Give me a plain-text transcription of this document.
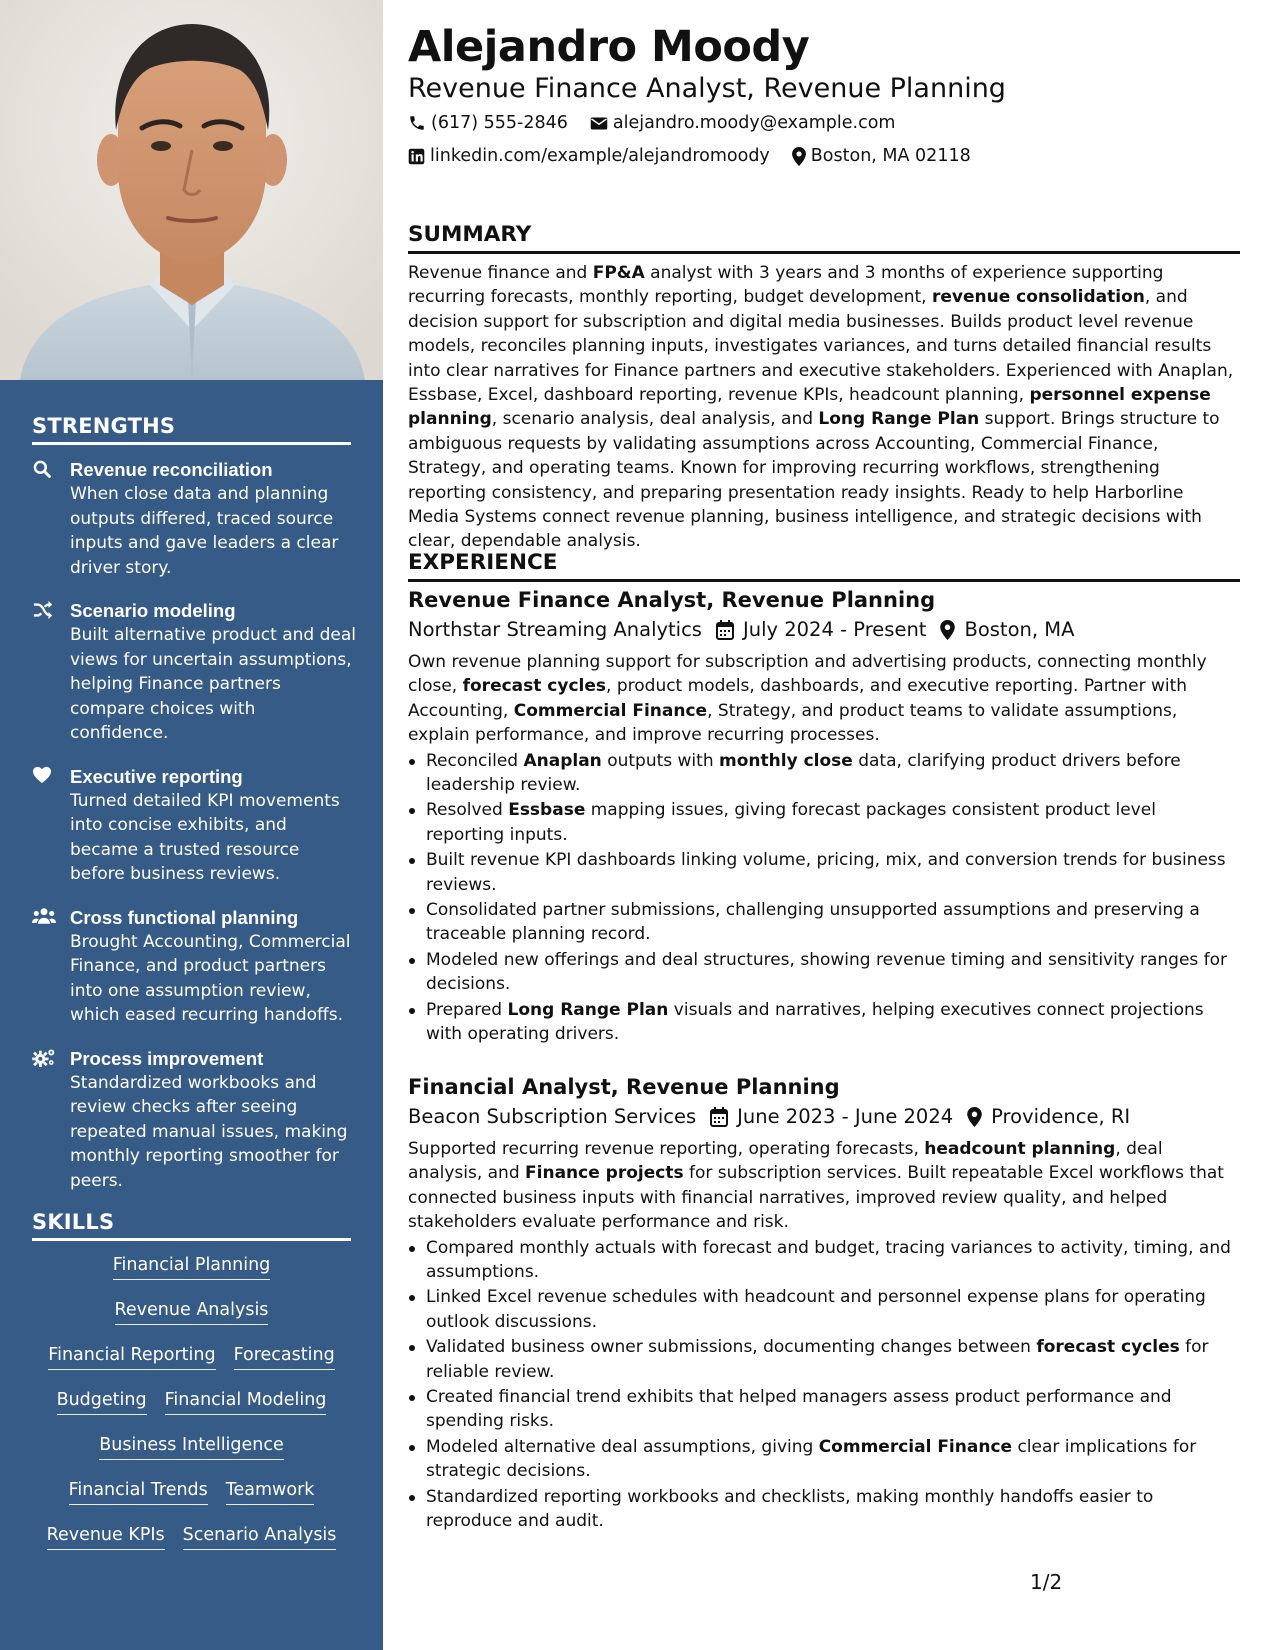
STRENGTHS
Revenue reconciliation
When close data and planning outputs differed, traced source inputs and gave leaders a clear driver story.
Scenario modeling
Built alternative product and deal views for uncertain assumptions, helping Finance partners compare choices with confidence.
Executive reporting
Turned detailed KPI movements into concise exhibits, and became a trusted resource before business reviews.
Cross functional planning
Brought Accounting, Commercial Finance, and product partners into one assumption review, which eased recurring handoffs.
Process improvement
Standardized workbooks and review checks after seeing repeated manual issues, making monthly reporting smoother for peers.
SKILLS
Financial Planning
Revenue Analysis
Financial Reporting Forecasting
Budgeting Financial Modeling
Business Intelligence
Financial Trends Teamwork
Revenue KPIs Scenario Analysis
Alejandro Moody
Revenue Finance Analyst, Revenue Planning
(617) 555-2846	alejandro.moody@example.com
linkedin.com/example/alejandromoody Boston, MA 02118
SUMMARY
Revenue finance and FP&A analyst with 3 years and 3 months of experience supporting recurring forecasts, monthly reporting, budget development, revenue consolidation, and decision support for subscription and digital media businesses. Builds product level revenue models, reconciles planning inputs, investigates variances, and turns detailed financial results into clear narratives for Finance partners and executive stakeholders. Experienced with Anaplan, Essbase, Excel, dashboard reporting, revenue KPIs, headcount planning, personnel expense planning, scenario analysis, deal analysis, and Long Range Plan support. Brings structure to ambiguous requests by validating assumptions across Accounting, Commercial Finance, Strategy, and operating teams. Known for improving recurring workflows, strengthening reporting consistency, and preparing presentation ready insights. Ready to help Harborline Media Systems connect revenue planning, business intelligence, and strategic decisions with clear, dependable analysis.
EXPERIENCE
Revenue Finance Analyst, Revenue Planning
Northstar Streaming Analytics July 2024 - Present Boston, MA
Own revenue planning support for subscription and advertising products, connecting monthly close, forecast cycles, product models, dashboards, and executive reporting. Partner with Accounting, Commercial Finance, Strategy, and product teams to validate assumptions, explain performance, and improve recurring processes.
Reconciled Anaplan outputs with monthly close data, clarifying product drivers before leadership review.
Resolved Essbase mapping issues, giving forecast packages consistent product level reporting inputs.
Built revenue KPI dashboards linking volume, pricing, mix, and conversion trends for business reviews.
Consolidated partner submissions, challenging unsupported assumptions and preserving a traceable planning record.
Modeled new offerings and deal structures, showing revenue timing and sensitivity ranges for decisions.
Prepared Long Range Plan visuals and narratives, helping executives connect projections with operating drivers.
Financial Analyst, Revenue Planning
Beacon Subscription Services June 2023 - June 2024 Providence, RI
Supported recurring revenue reporting, operating forecasts, headcount planning, deal analysis, and Finance projects for subscription services. Built repeatable Excel workflows that connected business inputs with financial narratives, improved review quality, and helped stakeholders evaluate performance and risk.
Compared monthly actuals with forecast and budget, tracing variances to activity, timing, and assumptions.
Linked Excel revenue schedules with headcount and personnel expense plans for operating outlook discussions.
Validated business owner submissions, documenting changes between forecast cycles for reliable review.
Created financial trend exhibits that helped managers assess product performance and spending risks.
Modeled alternative deal assumptions, giving Commercial Finance clear implications for strategic decisions.
Standardized reporting workbooks and checklists, making monthly handoffs easier to reproduce and audit.
1/2
